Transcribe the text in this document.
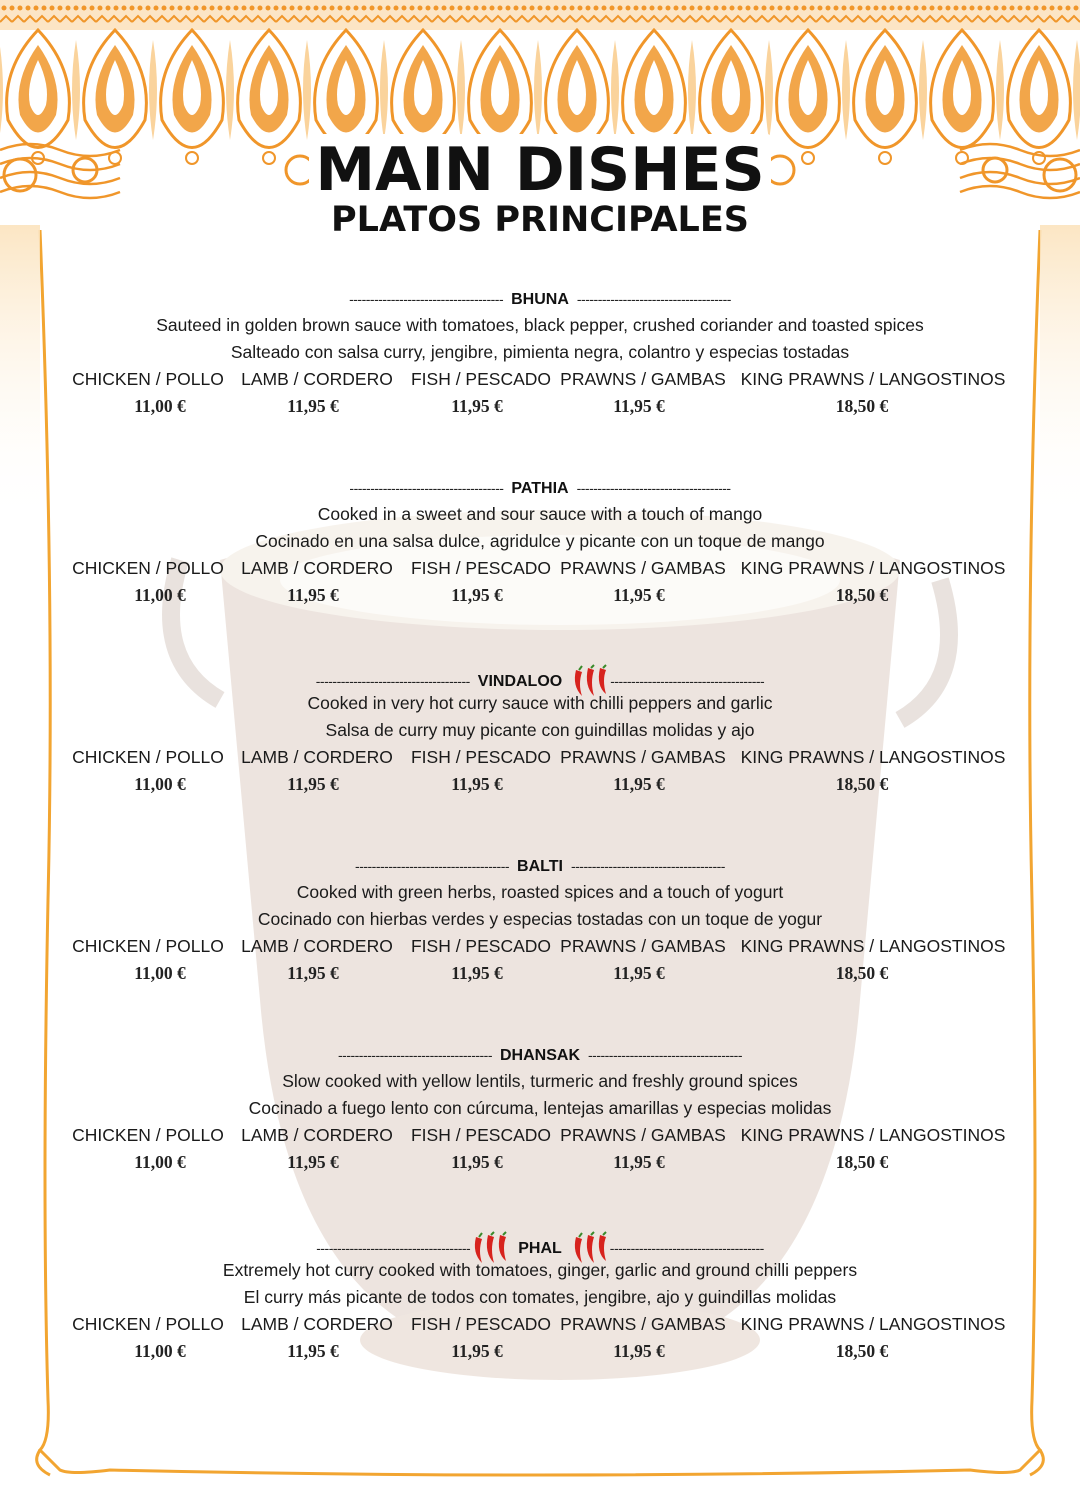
MAIN DISHES
PLATOS PRINCIPALES
------------------------------------- BHUNA -------------------------------------
Sauteed in golden brown sauce with tomatoes, black pepper, crushed coriander and toasted spices
Salteado con salsa curry, jengibre, pimienta negra, colantro y especias tostadas
CHICKEN / POLLO LAMB / CORDERO FISH / PESCADO PRAWNS / GAMBAS KING PRAWNS / LANGOSTINOS
11,00 €	11,95 €	11,95 €	11,95 €	18,50 €
------------------------------------- PATHIA -------------------------------------
Cooked in a sweet and sour sauce with a touch of mango
Cocinado en una salsa dulce, agridulce y picante con un toque de mango
CHICKEN / POLLO LAMB / CORDERO FISH / PESCADO PRAWNS / GAMBAS KING PRAWNS / LANGOSTINOS
11,00 €	11,95 €	11,95 €	11,95 €	18,50 €
------------------------------------- VINDALOO	-------------------------------------
Cooked in very hot curry sauce with chilli peppers and garlic
Salsa de curry muy picante con guindillas molidas y ajo
CHICKEN / POLLO LAMB / CORDERO FISH / PESCADO PRAWNS / GAMBAS KING PRAWNS / LANGOSTINOS
11,00 €	11,95 €	11,95 €	11,95 €	18,50 €
------------------------------------- BALTI -------------------------------------
Cooked with green herbs, roasted spices and a touch of yogurt
Cocinado con hierbas verdes y especias tostadas con un toque de yogur
CHICKEN / POLLO LAMB / CORDERO FISH / PESCADO PRAWNS / GAMBAS KING PRAWNS / LANGOSTINOS
11,00 €	11,95 €	11,95 €	11,95 €	18,50 €
------------------------------------- DHANSAK -------------------------------------
Slow cooked with yellow lentils, turmeric and freshly ground spices
Cocinado a fuego lento con cúrcuma, lentejas amarillas y especias molidas
CHICKEN / POLLO LAMB / CORDERO FISH / PESCADO PRAWNS / GAMBAS KING PRAWNS / LANGOSTINOS
11,00 €	11,95 €	11,95 €	11,95 €	18,50 €
-------------------------------------	PHAL	-------------------------------------
Extremely hot curry cooked with tomatoes, ginger, garlic and ground chilli peppers
El curry más picante de todos con tomates, jengibre, ajo y guindillas molidas
CHICKEN / POLLO LAMB / CORDERO FISH / PESCADO PRAWNS / GAMBAS KING PRAWNS / LANGOSTINOS
11,00 €	11,95 €	11,95 €	11,95 €	18,50 €
